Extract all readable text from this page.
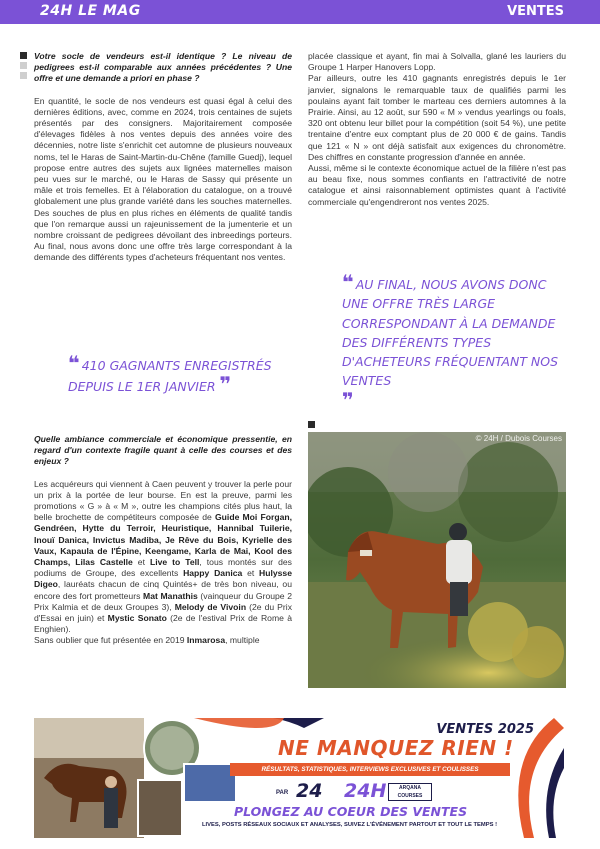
24H LE MAG	VENTES

Votre socle de vendeurs est-il identique ? Le niveau de pedigrees est-il comparable aux années précédentes ? Une offre et une demande a priori en phase ?

En quantité, le socle de nos vendeurs est quasi égal à celui des dernières éditions, avec, comme en 2024, trois centaines de sujets présentés par des consigners. Majoritairement composée d'élevages fidèles à nos ventes depuis des années voire des décennies, notre liste s'enrichit cet automne de plusieurs nouveaux noms, tel le Haras de Saint-Martin-du-Chêne (famille Guedj), lequel propose entre autres des sujets aux lignées maternelles maison peu vues sur le marché, ou le Haras de Sassy qui présente un mâle et trois femelles. Et à l'élaboration du catalogue, on a trouvé globalement une plus grande variété dans les souches maternelles. Des souches de plus en plus riches en éléments de qualité tandis que l'on remarque aussi un rajeunissement de la jumenterie et un nombre croissant de pedigrees dévoilant des inbreedings porteurs. Au final, nous avons donc une offre très large correspondant à la demande des différents types d'acheteurs fréquentant nos ventes.

❝ 410 GAGNANTS ENREGISTRÉS DEPUIS LE 1ER JANVIER ❞

Quelle ambiance commerciale et économique pressentie, en regard d'un contexte fragile quant à celle des courses et des enjeux ?

Les acquéreurs qui viennent à Caen peuvent y trouver la perle pour un prix à la portée de leur bourse. En est la preuve, parmi les promotions « G » à « M », outre les champions cités plus haut, la belle brochette de compétiteurs composée de Guide Moi Forgan, Gendréen, Hytte du Terroir, Heuristique, Hannibal Tuilerie, Inouï Danica, Invictus Madiba, Je Rêve du Bois, Kyrielle des Vaux, Kapaula de l'Épine, Keengame, Karla de Mai, Kool des Champs, Lilas Castelle et Live to Tell, tous montés sur des podiums de Groupe, des excellents Happy Danica et Hulysse Digeo, lauréats chacun de cinq Quintés+ de très bon niveau, ou encore des fort prometteurs Mat Manathis (vainqueur du Groupe 2 Prix Kalmia et de deux Groupes 3), Melody de Vivoin (2e du Prix d'Essai en juin) et Mystic Sonato (2e de l'estival Prix de Rome à Enghien).
Sans oublier que fut présentée en 2019 Inmarosa, multiple

placée classique et ayant, fin mai à Solvalla, glané les lauriers du Groupe 1 Harper Hanovers Lopp.

Par ailleurs, outre les 410 gagnants enregistrés depuis le 1er janvier, signalons le remarquable taux de qualifiés parmi les poulains ayant fait tomber le marteau ces derniers automnes à la Prairie. Ainsi, au 12 août, sur 590 « M » vendus yearlings ou foals, 320 ont obtenu leur billet pour la compétition (soit 54 %), une petite trentaine d'entre eux comptant plus de 20 000 € de gains. Tandis que 121 « N » ont déjà satisfait aux exigences du chronomètre. Des chiffres en constante progression d'année en année.

Aussi, même si le contexte économique actuel de la filière n'est pas au beau fixe, nous sommes confiants en l'attractivité de notre catalogue et ainsi raisonnablement optimistes quant à l'activité commerciale qu'engendreront nos ventes 2025.

❝ AU FINAL, NOUS AVONS DONC UNE OFFRE TRÈS LARGE CORRESPONDANT À LA DEMANDE DES DIFFÉRENTS TYPES D'ACHETEURS FRÉQUENTANT NOS VENTES
❞
© 24H / Dubois Courses
VENTES 2025
NE MANQUEZ RIEN !
RÉSULTATS, STATISTIQUES, INTERVIEWS EXCLUSIVES ET COULISSES
PAR 24 24H	ARQANA COURSES
PLONGEZ AU COEUR DES VENTES
LIVES, POSTS RÉSEAUX SOCIAUX ET ANALYSES, SUIVEZ L'ÉVÉNEMENT PARTOUT ET TOUT LE TEMPS !
